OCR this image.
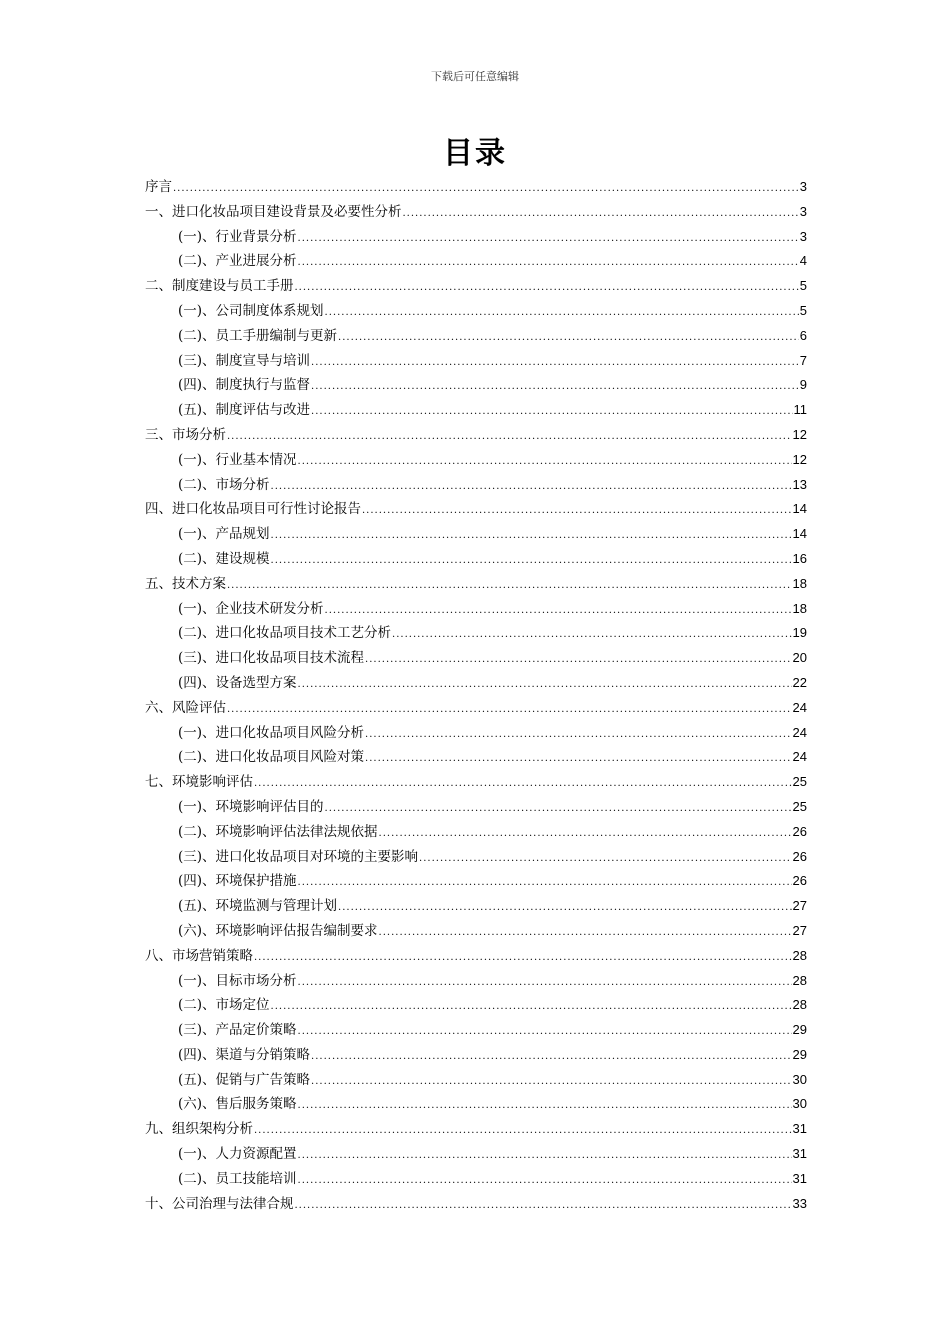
下载后可任意编辑
目录
序言 .....	3
一、进口化妆品项目建设背景及必要性分析 .....	3
(一)、行业背景分析 .....	3
(二)、产业进展分析 .....	4
二、制度建设与员工手册 .....	5
(一)、公司制度体系规划 .....	5
(二)、员工手册编制与更新 .....	6
(三)、制度宣导与培训 .....	7
(四)、制度执行与监督 .....	9
(五)、制度评估与改进 .....	11
三、市场分析 .....	12
(一)、行业基本情况 .....	12
(二)、市场分析 .....	13
四、进口化妆品项目可行性讨论报告 .....	14
(一)、产品规划 .....	14
(二)、建设规模 .....	16
五、技术方案 .....	18
(一)、企业技术研发分析 .....	18
(二)、进口化妆品项目技术工艺分析 .....	19
(三)、进口化妆品项目技术流程 .....	20
(四)、设备选型方案 .....	22
六、风险评估 .....	24
(一)、进口化妆品项目风险分析 .....	24
(二)、进口化妆品项目风险对策 .....	24
七、环境影响评估 .....	25
(一)、环境影响评估目的 .....	25
(二)、环境影响评估法律法规依据 .....	26
(三)、进口化妆品项目对环境的主要影响 .....	26
(四)、环境保护措施 .....	26
(五)、环境监测与管理计划 .....	27
(六)、环境影响评估报告编制要求 .....	27
八、市场营销策略 .....	28
(一)、目标市场分析 .....	28
(二)、市场定位 .....	28
(三)、产品定价策略 .....	29
(四)、渠道与分销策略 .....	29
(五)、促销与广告策略 .....	30
(六)、售后服务策略 .....	30
九、组织架构分析 .....	31
(一)、人力资源配置 .....	31
(二)、员工技能培训 .....	31
十、公司治理与法律合规 .....	33
